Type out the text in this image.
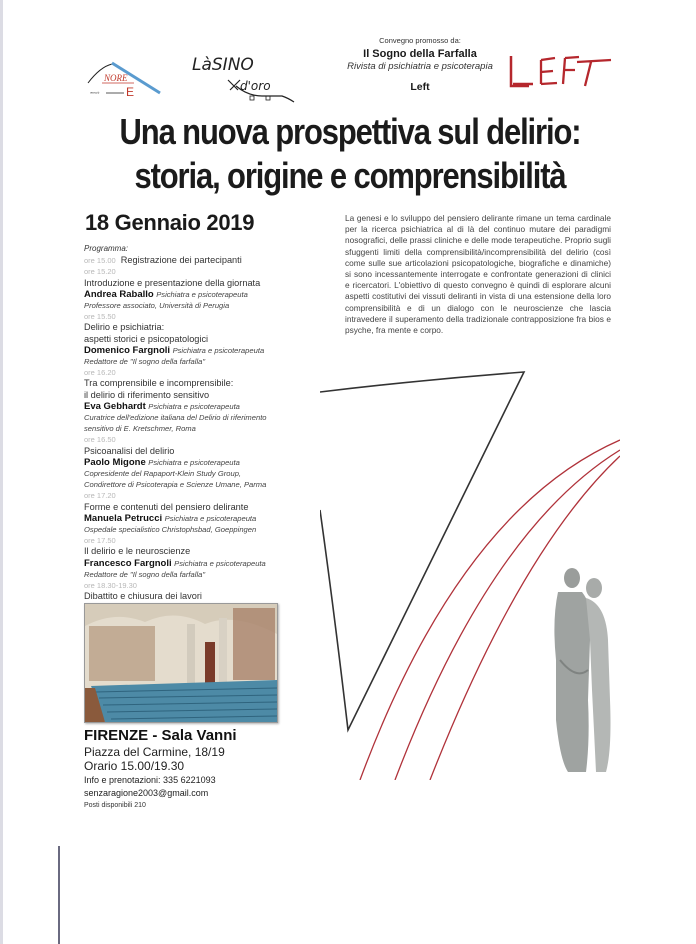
NORE
ᵉⁿᵉʳᵍⁱᵃ E
LàSINO
d'oro
Convegno promosso da:
Il Sogno della Farfalla
Rivista di psichiatria e psicoterapia
Left
Una nuova prospettiva sul delirio:
storia, origine e comprensibilità
18 Gennaio 2019
Programma:
ore 15.00 Registrazione dei partecipanti
ore 15.20
Introduzione e presentazione della giornata
Andrea Raballo Psichiatra e psicoterapeuta
Professore associato, Università di Perugia
ore 15.50
Delirio e psichiatria:
aspetti storici e psicopatologici
Domenico Fargnoli Psichiatra e psicoterapeuta
Redattore de "Il sogno della farfalla"
ore 16.20
Tra comprensibile e incomprensibile:
il delirio di riferimento sensitivo
Eva Gebhardt Psichiatra e psicoterapeuta
Curatrice dell'edizione italiana del Delirio di riferimento
sensitivo di E. Kretschmer, Roma
ore 16.50
Psicoanalisi del delirio
Paolo Migone Psichiatra e psicoterapeuta
Copresidente del Rapaport-Klein Study Group,
Condirettore di Psicoterapia e Scienze Umane, Parma
ore 17.20
Forme e contenuti del pensiero delirante
Manuela Petrucci Psichiatra e psicoterapeuta
Ospedale specialistico Christophsbad, Goeppingen
ore 17.50
Il delirio e le neuroscienze
Francesco Fargnoli Psichiatra e psicoterapeuta
Redattore de "Il sogno della farfalla"
ore 18.30-19.30
Dibattito e chiusura dei lavori
La genesi e lo sviluppo del pensiero delirante rimane un tema cardinale per la ricerca psichiatrica al di là del continuo mutare dei paradigmi nosografici, delle prassi cliniche e delle mode terapeutiche. Proprio sugli sfuggenti limiti della comprensibilità/incomprensibilità del delirio (così come sulle sue articolazioni psicopatologiche, biografiche e dinamiche) si sono incessantemente interrogate e confrontate generazioni di clinici e ricercatori. L'obiettivo di questo convegno è quindi di esplorare alcuni aspetti costitutivi dei vissuti deliranti in vista di una estensione della loro comprensibilità e di un dialogo con le neuroscienze che lascia intravedere il superamento della tradizionale contrapposizione fra bios e psyche, fra mente e corpo.
FIRENZE - Sala Vanni
Piazza del Carmine, 18/19
Orario 15.00/19.30
Info e prenotazioni: 335 6221093
senzaragione2003@gmail.com
Posti disponibili 210
